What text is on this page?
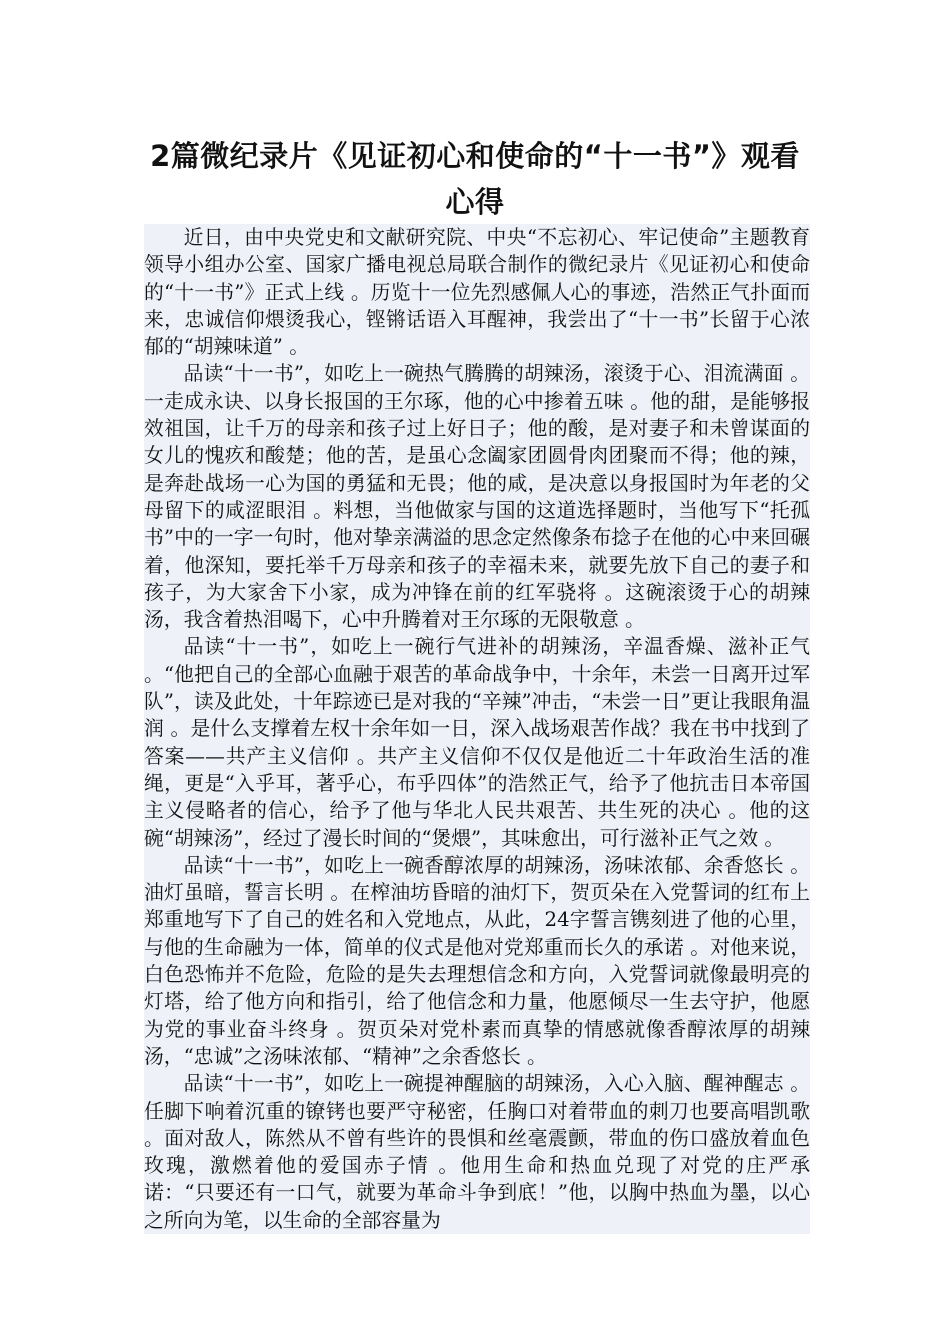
2篇微纪录片《见证初心和使命的“十一书”》观看心得

近日，由中央党史和文献研究院、中央“不忘初心、牢记使命”主题教育领导小组办公室、国家广播电视总局联合制作的微纪录片《见证初心和使命的“十一书”》正式上线 。历览十一位先烈感佩人心的事迹，浩然正气扑面而来，忠诚信仰煨烫我心，铿锵话语入耳醒神，我尝出了“十一书”长留于心浓郁的“胡辣味道” 。

品读“十一书”，如吃上一碗热气腾腾的胡辣汤，滚烫于心、泪流满面 。一走成永诀、以身长报国的王尔琢，他的心中掺着五味 。他的甜，是能够报效祖国，让千万的母亲和孩子过上好日子；他的酸，是对妻子和未曾谋面的女儿的愧疚和酸楚；他的苦，是虽心念阖家团圆骨肉团聚而不得；他的辣，是奔赴战场一心为国的勇猛和无畏；他的咸，是决意以身报国时为年老的父母留下的咸涩眼泪 。料想，当他做家与国的这道选择题时，当他写下“托孤书”中的一字一句时，他对挚亲满溢的思念定然像条布捻子在他的心中来回碾着，他深知，要托举千万母亲和孩子的幸福未来，就要先放下自己的妻子和孩子，为大家舍下小家，成为冲锋在前的红军骁将 。这碗滚烫于心的胡辣汤，我含着热泪喝下，心中升腾着对王尔琢的无限敬意 。

品读“十一书”，如吃上一碗行气进补的胡辣汤，辛温香燥、滋补正气 。“他把自己的全部心血融于艰苦的革命战争中，十余年，未尝一日离开过军队”，读及此处，十年踪迹已是对我的“辛辣”冲击，“未尝一日”更让我眼角温润 。是什么支撑着左权十余年如一日，深入战场艰苦作战？我在书中找到了答案——共产主义信仰 。共产主义信仰不仅仅是他近二十年政治生活的准绳，更是“入乎耳，著乎心，布乎四体”的浩然正气，给予了他抗击日本帝国主义侵略者的信心，给予了他与华北人民共艰苦、共生死的决心 。他的这碗“胡辣汤”，经过了漫长时间的“煲煨”，其味愈出，可行滋补正气之效 。

品读“十一书”，如吃上一碗香醇浓厚的胡辣汤，汤味浓郁、余香悠长 。油灯虽暗，誓言长明 。在榨油坊昏暗的油灯下，贺页朵在入党誓词的红布上郑重地写下了自己的姓名和入党地点，从此，24字誓言镌刻进了他的心里，与他的生命融为一体，简单的仪式是他对党郑重而长久的承诺 。对他来说，白色恐怖并不危险，危险的是失去理想信念和方向，入党誓词就像最明亮的灯塔，给了他方向和指引，给了他信念和力量，他愿倾尽一生去守护，他愿为党的事业奋斗终身 。贺页朵对党朴素而真挚的情感就像香醇浓厚的胡辣汤，“忠诚”之汤味浓郁、“精神”之余香悠长 。

品读“十一书”，如吃上一碗提神醒脑的胡辣汤，入心入脑、醒神醒志 。任脚下响着沉重的镣铐也要严守秘密，任胸口对着带血的刺刀也要高唱凯歌 。面对敌人，陈然从不曾有些许的畏惧和丝毫震颤，带血的伤口盛放着血色玫瑰，激燃着他的爱国赤子情 。他用生命和热血兑现了对党的庄严承诺：“只要还有一口气，就要为革命斗争到底！”他，以胸中热血为墨，以心之所向为笔，以生命的全部容量为
